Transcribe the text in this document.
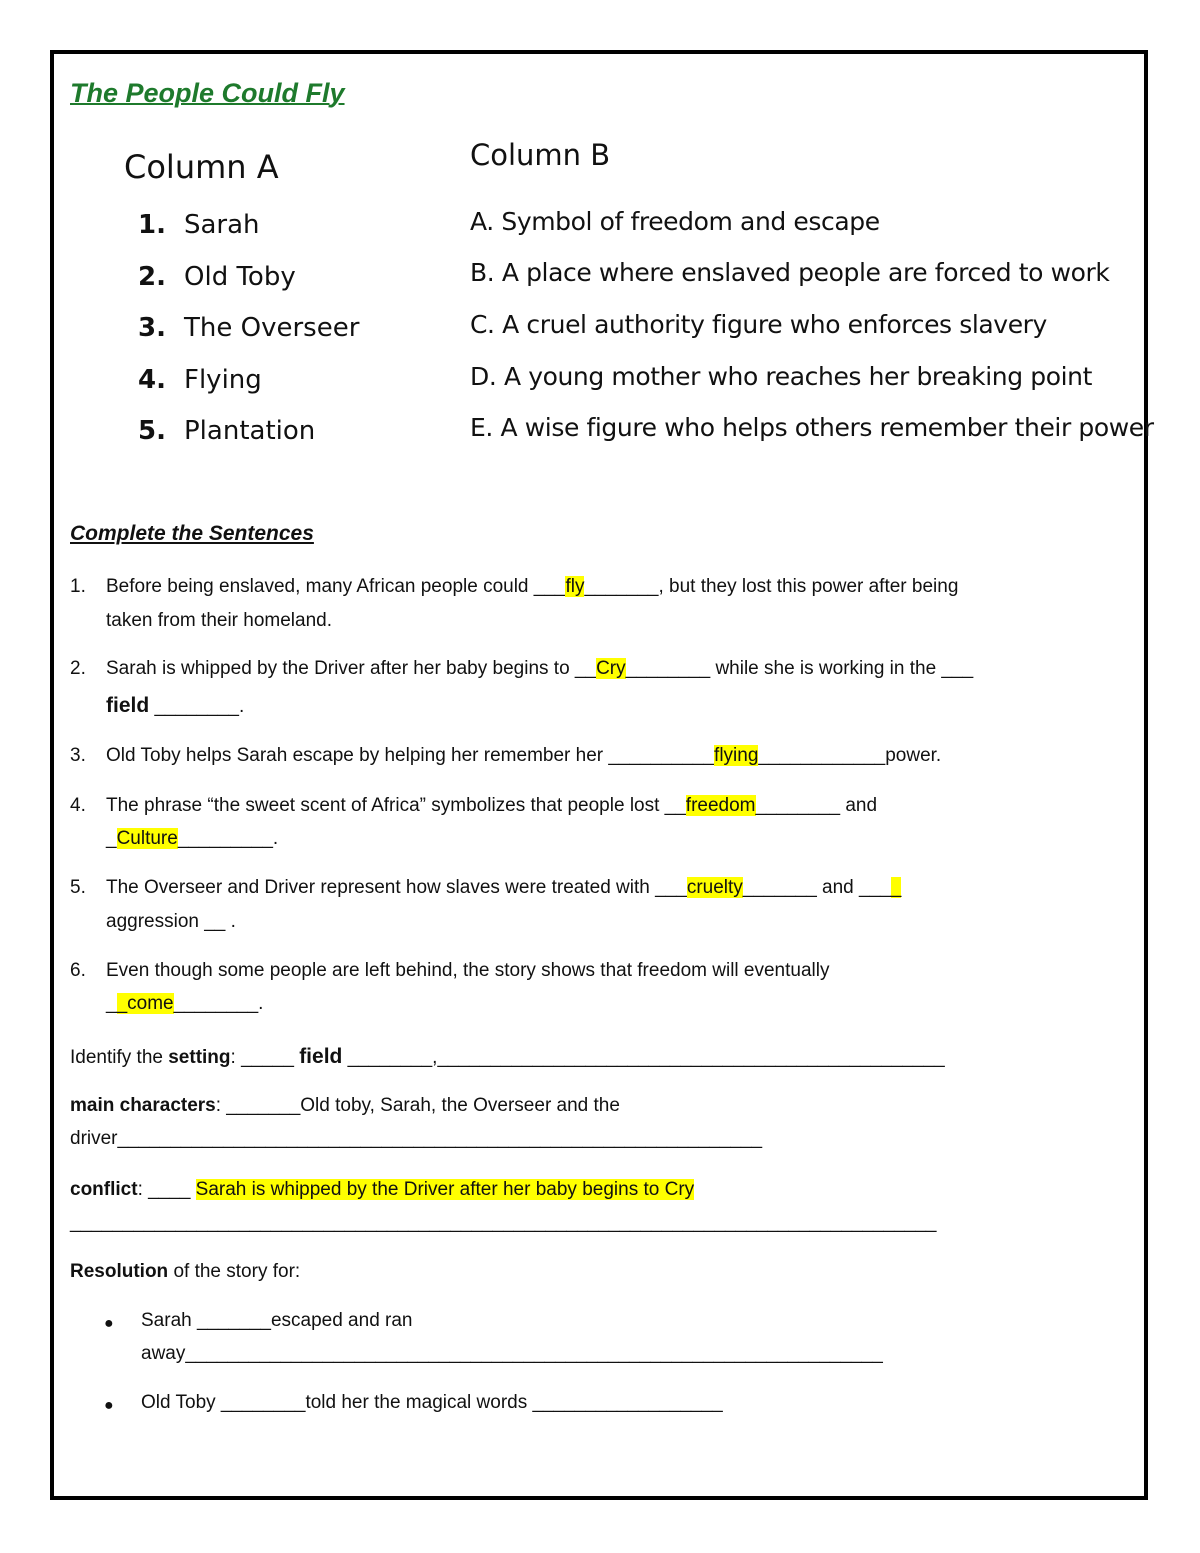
The People Could Fly
Column A	Column B
1. Sarah
2. Old Toby
3. The Overseer
4. Flying
5. Plantation
A. Symbol of freedom and escape
B. A place where enslaved people are forced to work
C. A cruel authority figure who enforces slavery
D. A young mother who reaches her breaking point
E. A wise figure who helps others remember their power
Complete the Sentences
1. Before being enslaved, many African people could ___fly_______, but they lost this power after being
taken from their homeland.
2. Sarah is whipped by the Driver after her baby begins to __Cry________ while she is working in the ___
field ________.
3. Old Toby helps Sarah escape by helping her remember her __________flying____________power.
4. The phrase “the sweet scent of Africa” symbolizes that people lost __freedom________ and
_Culture_________.
5. The Overseer and Driver represent how slaves were treated with ___cruelty_______ and ____
aggression __ .
6. Even though some people are left behind, the story shows that freedom will eventually
__come________.
Identify the setting: _____ field ________,________________________________________________
main characters: _______Old toby, Sarah, the Overseer and the
driver_____________________________________________________________
conflict: ____ Sarah is whipped by the Driver after her baby begins to Cry
__________________________________________________________________________________
Resolution of the story for:
● Sarah _______escaped and ran
away__________________________________________________________________
● Old Toby ________told her the magical words __________________
